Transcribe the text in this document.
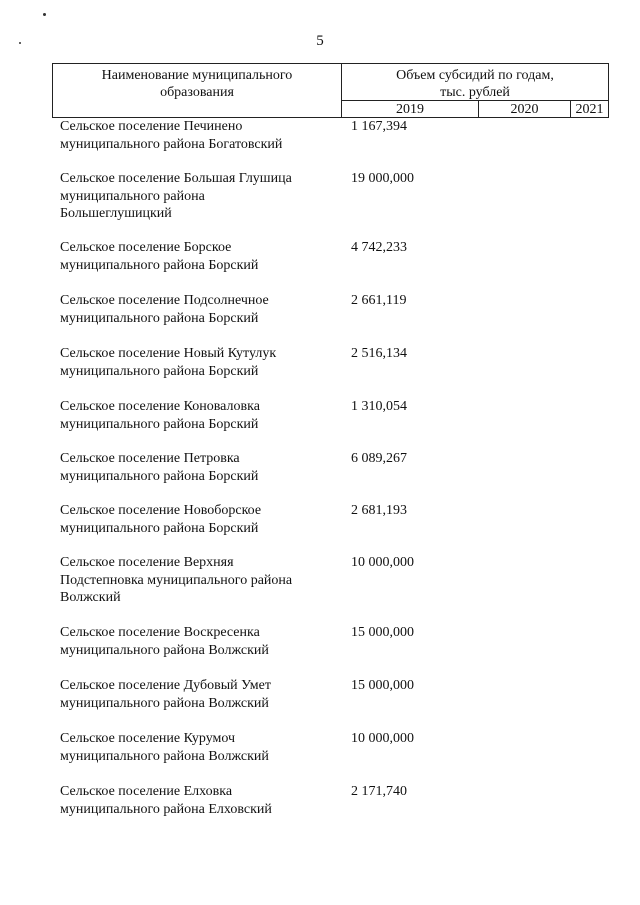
5
Наименование муниципального
образования
Объем субсидий по годам,
тыс. рублей
2019	2020	2021
Сельское поселение Печинено
муниципального района Богатовский
1 167,394
Сельское поселение Большая Глушица
муниципального района
Большеглушицкий
19 000,000
Сельское поселение Борское
муниципального района Борский
4 742,233
Сельское поселение Подсолнечное
муниципального района Борский
2 661,119
Сельское поселение Новый Кутулук
муниципального района Борский
2 516,134
Сельское поселение Коноваловка
муниципального района Борский
1 310,054
Сельское поселение Петровка
муниципального района Борский
6 089,267
Сельское поселение Новоборское
муниципального района Борский
2 681,193
Сельское поселение Верхняя
Подстепновка муниципального района
Волжский
10 000,000
Сельское поселение Воскресенка
муниципального района Волжский
15 000,000
Сельское поселение Дубовый Умет
муниципального района Волжский
15 000,000
Сельское поселение Курумоч
муниципального района Волжский
10 000,000
Сельское поселение Елховка
муниципального района Елховский
2 171,740
